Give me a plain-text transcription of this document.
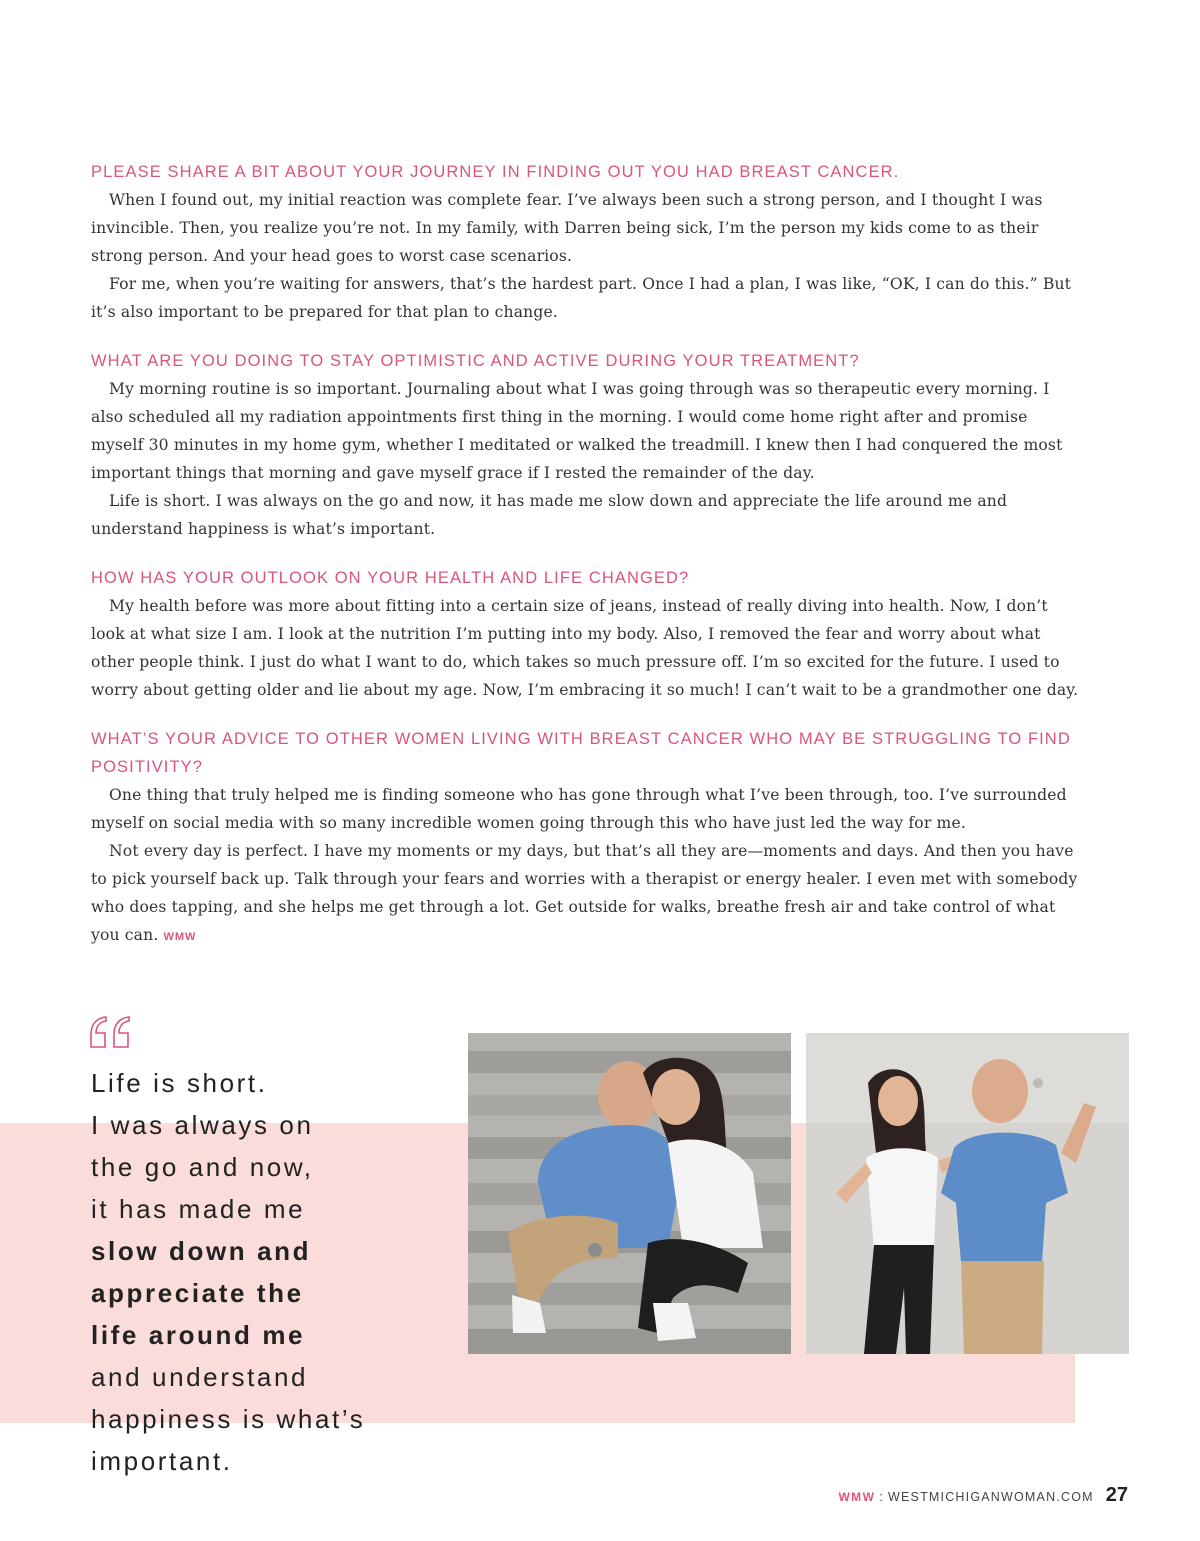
PLEASE SHARE A BIT ABOUT YOUR JOURNEY IN FINDING OUT YOU HAD BREAST CANCER.

When I found out, my initial reaction was complete fear. I’ve always been such a strong person, and I thought I was invincible. Then, you realize you’re not. In my family, with Darren being sick, I’m the person my kids come to as their strong person. And your head goes to worst case scenarios.

For me, when you’re waiting for answers, that’s the hardest part. Once I had a plan, I was like, “OK, I can do this.” But it’s also important to be prepared for that plan to change.

WHAT ARE YOU DOING TO STAY OPTIMISTIC AND ACTIVE DURING YOUR TREATMENT?

My morning routine is so important. Journaling about what I was going through was so therapeutic every morning. I also scheduled all my radiation appointments first thing in the morning. I would come home right after and promise myself 30 minutes in my home gym, whether I meditated or walked the treadmill. I knew then I had conquered the most important things that morning and gave myself grace if I rested the remainder of the day.

Life is short. I was always on the go and now, it has made me slow down and appreciate the life around me and understand happiness is what’s important.

HOW HAS YOUR OUTLOOK ON YOUR HEALTH AND LIFE CHANGED?

My health before was more about fitting into a certain size of jeans, instead of really diving into health. Now, I don’t look at what size I am. I look at the nutrition I’m putting into my body. Also, I removed the fear and worry about what other people think. I just do what I want to do, which takes so much pressure off. I’m so excited for the future. I used to worry about getting older and lie about my age. Now, I’m embracing it so much! I can’t wait to be a grandmother one day.

WHAT’S YOUR ADVICE TO OTHER WOMEN LIVING WITH BREAST CANCER WHO MAY BE STRUGGLING TO FIND POSITIVITY?

One thing that truly helped me is finding someone who has gone through what I’ve been through, too. I’ve surrounded myself on social media with so many incredible women going through this who have just led the way for me.

Not every day is perfect. I have my moments or my days, but that’s all they are—moments and days. And then you have to pick yourself back up. Talk through your fears and worries with a therapist or energy healer. I even met with somebody who does tapping, and she helps me get through a lot. Get outside for walks, breathe fresh air and take control of what you can. WMW

Life is short.
I was always on
the go and now,
it has made me
slow down and
appreciate the
life around me
and understand
happiness is what’s
important.
WMW : WESTMICHIGANWOMAN.COM 27
